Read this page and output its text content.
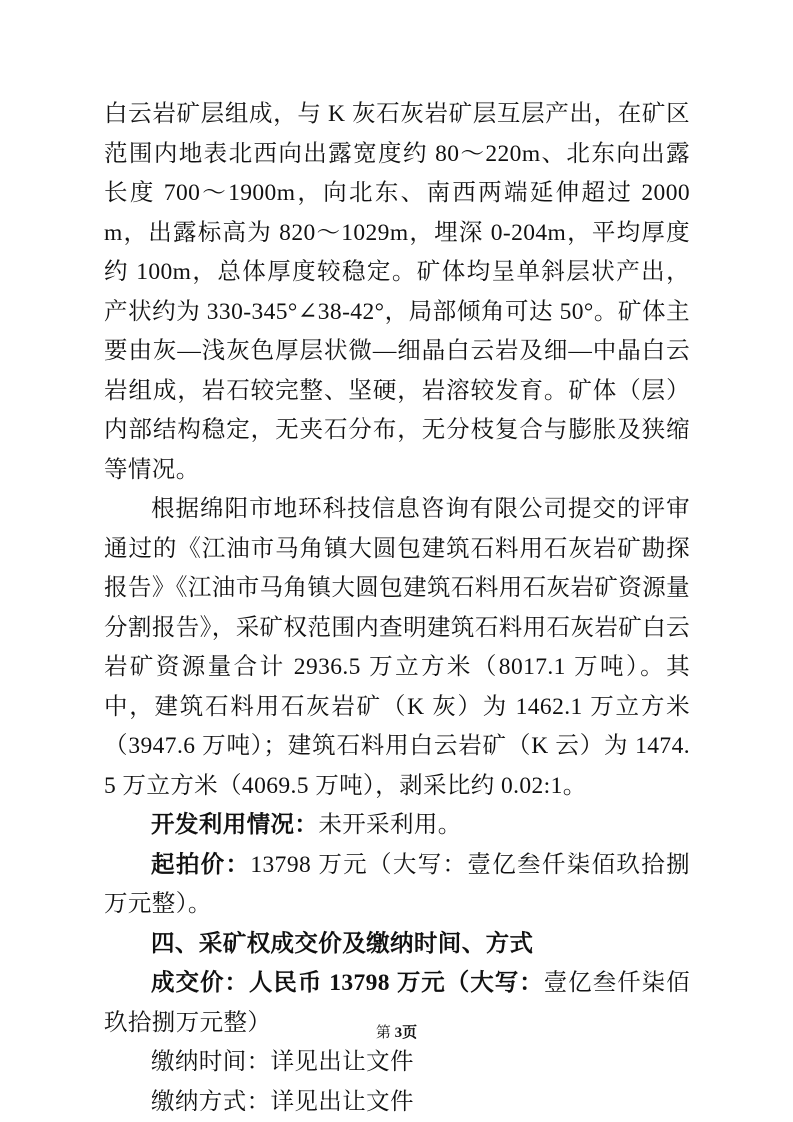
白云岩矿层组成，与 K 灰石灰岩矿层互层产出，在矿区范围内地表北西向出露宽度约 80～220m、北东向出露长度 700～1900m，向北东、南西两端延伸超过 2000m，出露标高为 820～1029m，埋深 0-204m，平均厚度约 100m，总体厚度较稳定。矿体均呈单斜层状产出，产状约为 330-345°∠38-42°，局部倾角可达 50°。矿体主要由灰—浅灰色厚层状微—细晶白云岩及细—中晶白云岩组成，岩石较完整、坚硬，岩溶较发育。矿体（层）内部结构稳定，无夹石分布，无分枝复合与膨胀及狭缩等情况。

根据绵阳市地环科技信息咨询有限公司提交的评审通过的《江油市马角镇大圆包建筑石料用石灰岩矿勘探报告》《江油市马角镇大圆包建筑石料用石灰岩矿资源量分割报告》，采矿权范围内查明建筑石料用石灰岩矿白云岩矿资源量合计 2936.5 万立方米（8017.1 万吨）。其中，建筑石料用石灰岩矿（K 灰）为 1462.1 万立方米（3947.6 万吨）；建筑石料用白云岩矿（K 云）为 1474.5 万立方米（4069.5 万吨），剥采比约 0.02:1。

开发利用情况：未开采利用。

起拍价：13798 万元（大写：壹亿叁仟柒佰玖拾捌万元整）。

四、采矿权成交价及缴纳时间、方式

成交价：人民币 13798 万元（大写：壹亿叁仟柒佰玖拾捌万元整）

缴纳时间：详见出让文件

缴纳方式：详见出让文件

第 3页
